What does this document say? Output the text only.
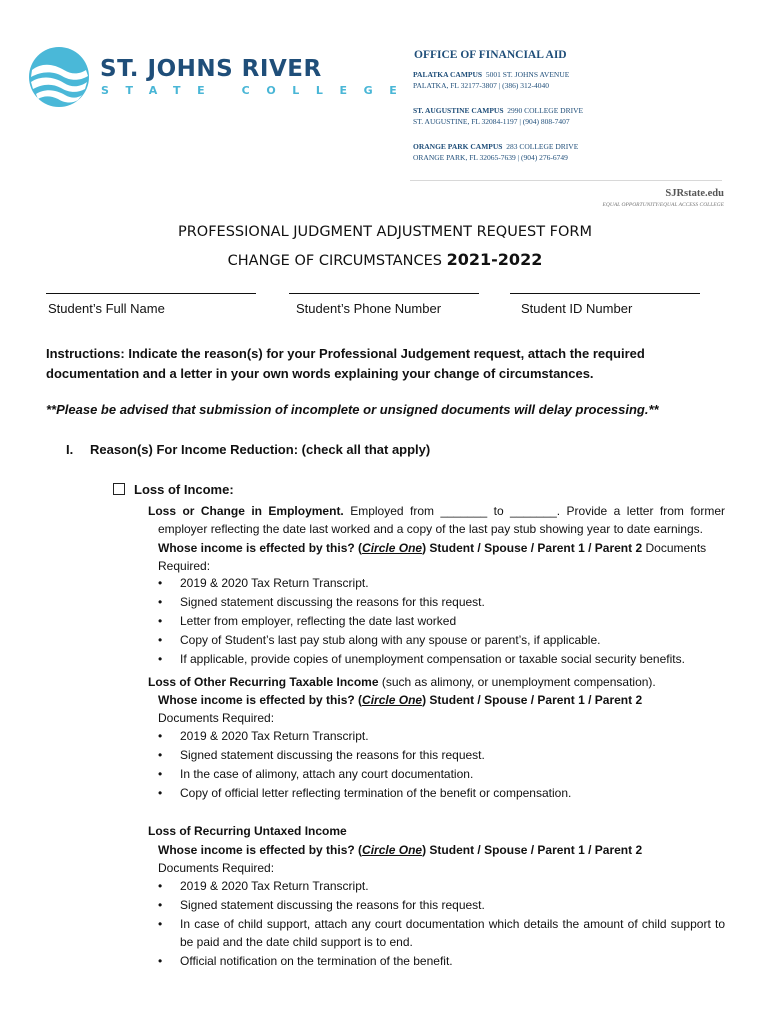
ST. JOHNS RIVER
STATE COLLEGE
OFFICE OF FINANCIAL AID
PALATKA CAMPUS 5001 ST. JOHNS AVENUE
PALATKA, FL 32177-3807 | (386) 312-4040
ST. AUGUSTINE CAMPUS 2990 COLLEGE DRIVE
ST. AUGUSTINE, FL 32084-1197 | (904) 808-7407
ORANGE PARK CAMPUS 283 COLLEGE DRIVE
ORANGE PARK, FL 32065-7639 | (904) 276-6749
SJRstate.edu
EQUAL OPPORTUNITY/EQUAL ACCESS COLLEGE
PROFESSIONAL JUDGMENT ADJUSTMENT REQUEST FORM
CHANGE OF CIRCUMSTANCES 2021-2022
Student’s Full Name	Student’s Phone Number	Student ID Number
Instructions: Indicate the reason(s) for your Professional Judgement request, attach the required
documentation and a letter in your own words explaining your change of circumstances.
**Please be advised that submission of incomplete or unsigned documents will delay processing.**
I. Reason(s) For Income Reduction: (check all that apply)
Loss of Income:
Loss or Change in Employment. Employed from _______ to _______. Provide a letter from former
employer reflecting the date last worked and a copy of the last pay stub showing year to date earnings.
Whose income is effected by this? (Circle One) Student / Spouse / Parent 1 / Parent 2 Documents
Required:
• 2019 & 2020 Tax Return Transcript.
• Signed statement discussing the reasons for this request.
• Letter from employer, reflecting the date last worked
• Copy of Student’s last pay stub along with any spouse or parent’s, if applicable.
• If applicable, provide copies of unemployment compensation or taxable social security benefits.
Loss of Other Recurring Taxable Income (such as alimony, or unemployment compensation).
Whose income is effected by this? (Circle One) Student / Spouse / Parent 1 / Parent 2
Documents Required:
• 2019 & 2020 Tax Return Transcript.
• Signed statement discussing the reasons for this request.
• In the case of alimony, attach any court documentation.
• Copy of official letter reflecting termination of the benefit or compensation.
Loss of Recurring Untaxed Income
Whose income is effected by this? (Circle One) Student / Spouse / Parent 1 / Parent 2
Documents Required:
• 2019 & 2020 Tax Return Transcript.
• Signed statement discussing the reasons for this request.
• In case of child support, attach any court documentation which details the amount of child support to be paid and the date child support is to end.
• Official notification on the termination of the benefit.
